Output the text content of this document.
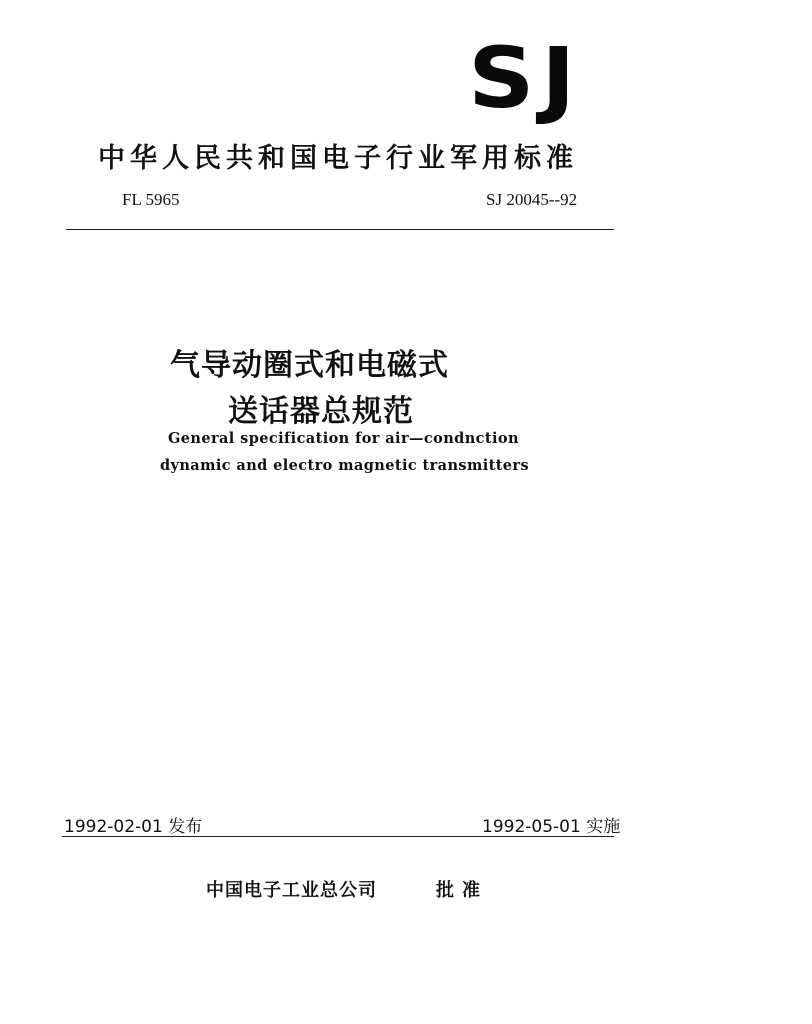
SJ
中华人民共和国电子行业军用标准
FL 5965	SJ 20045--92
气导动圈式和电磁式
送话器总规范
General specification for air—condnction
dynamic and electro magnetic transmitters
1992-02-01 发布	1992-05-01 实施
中国电子工业总公司	批准
